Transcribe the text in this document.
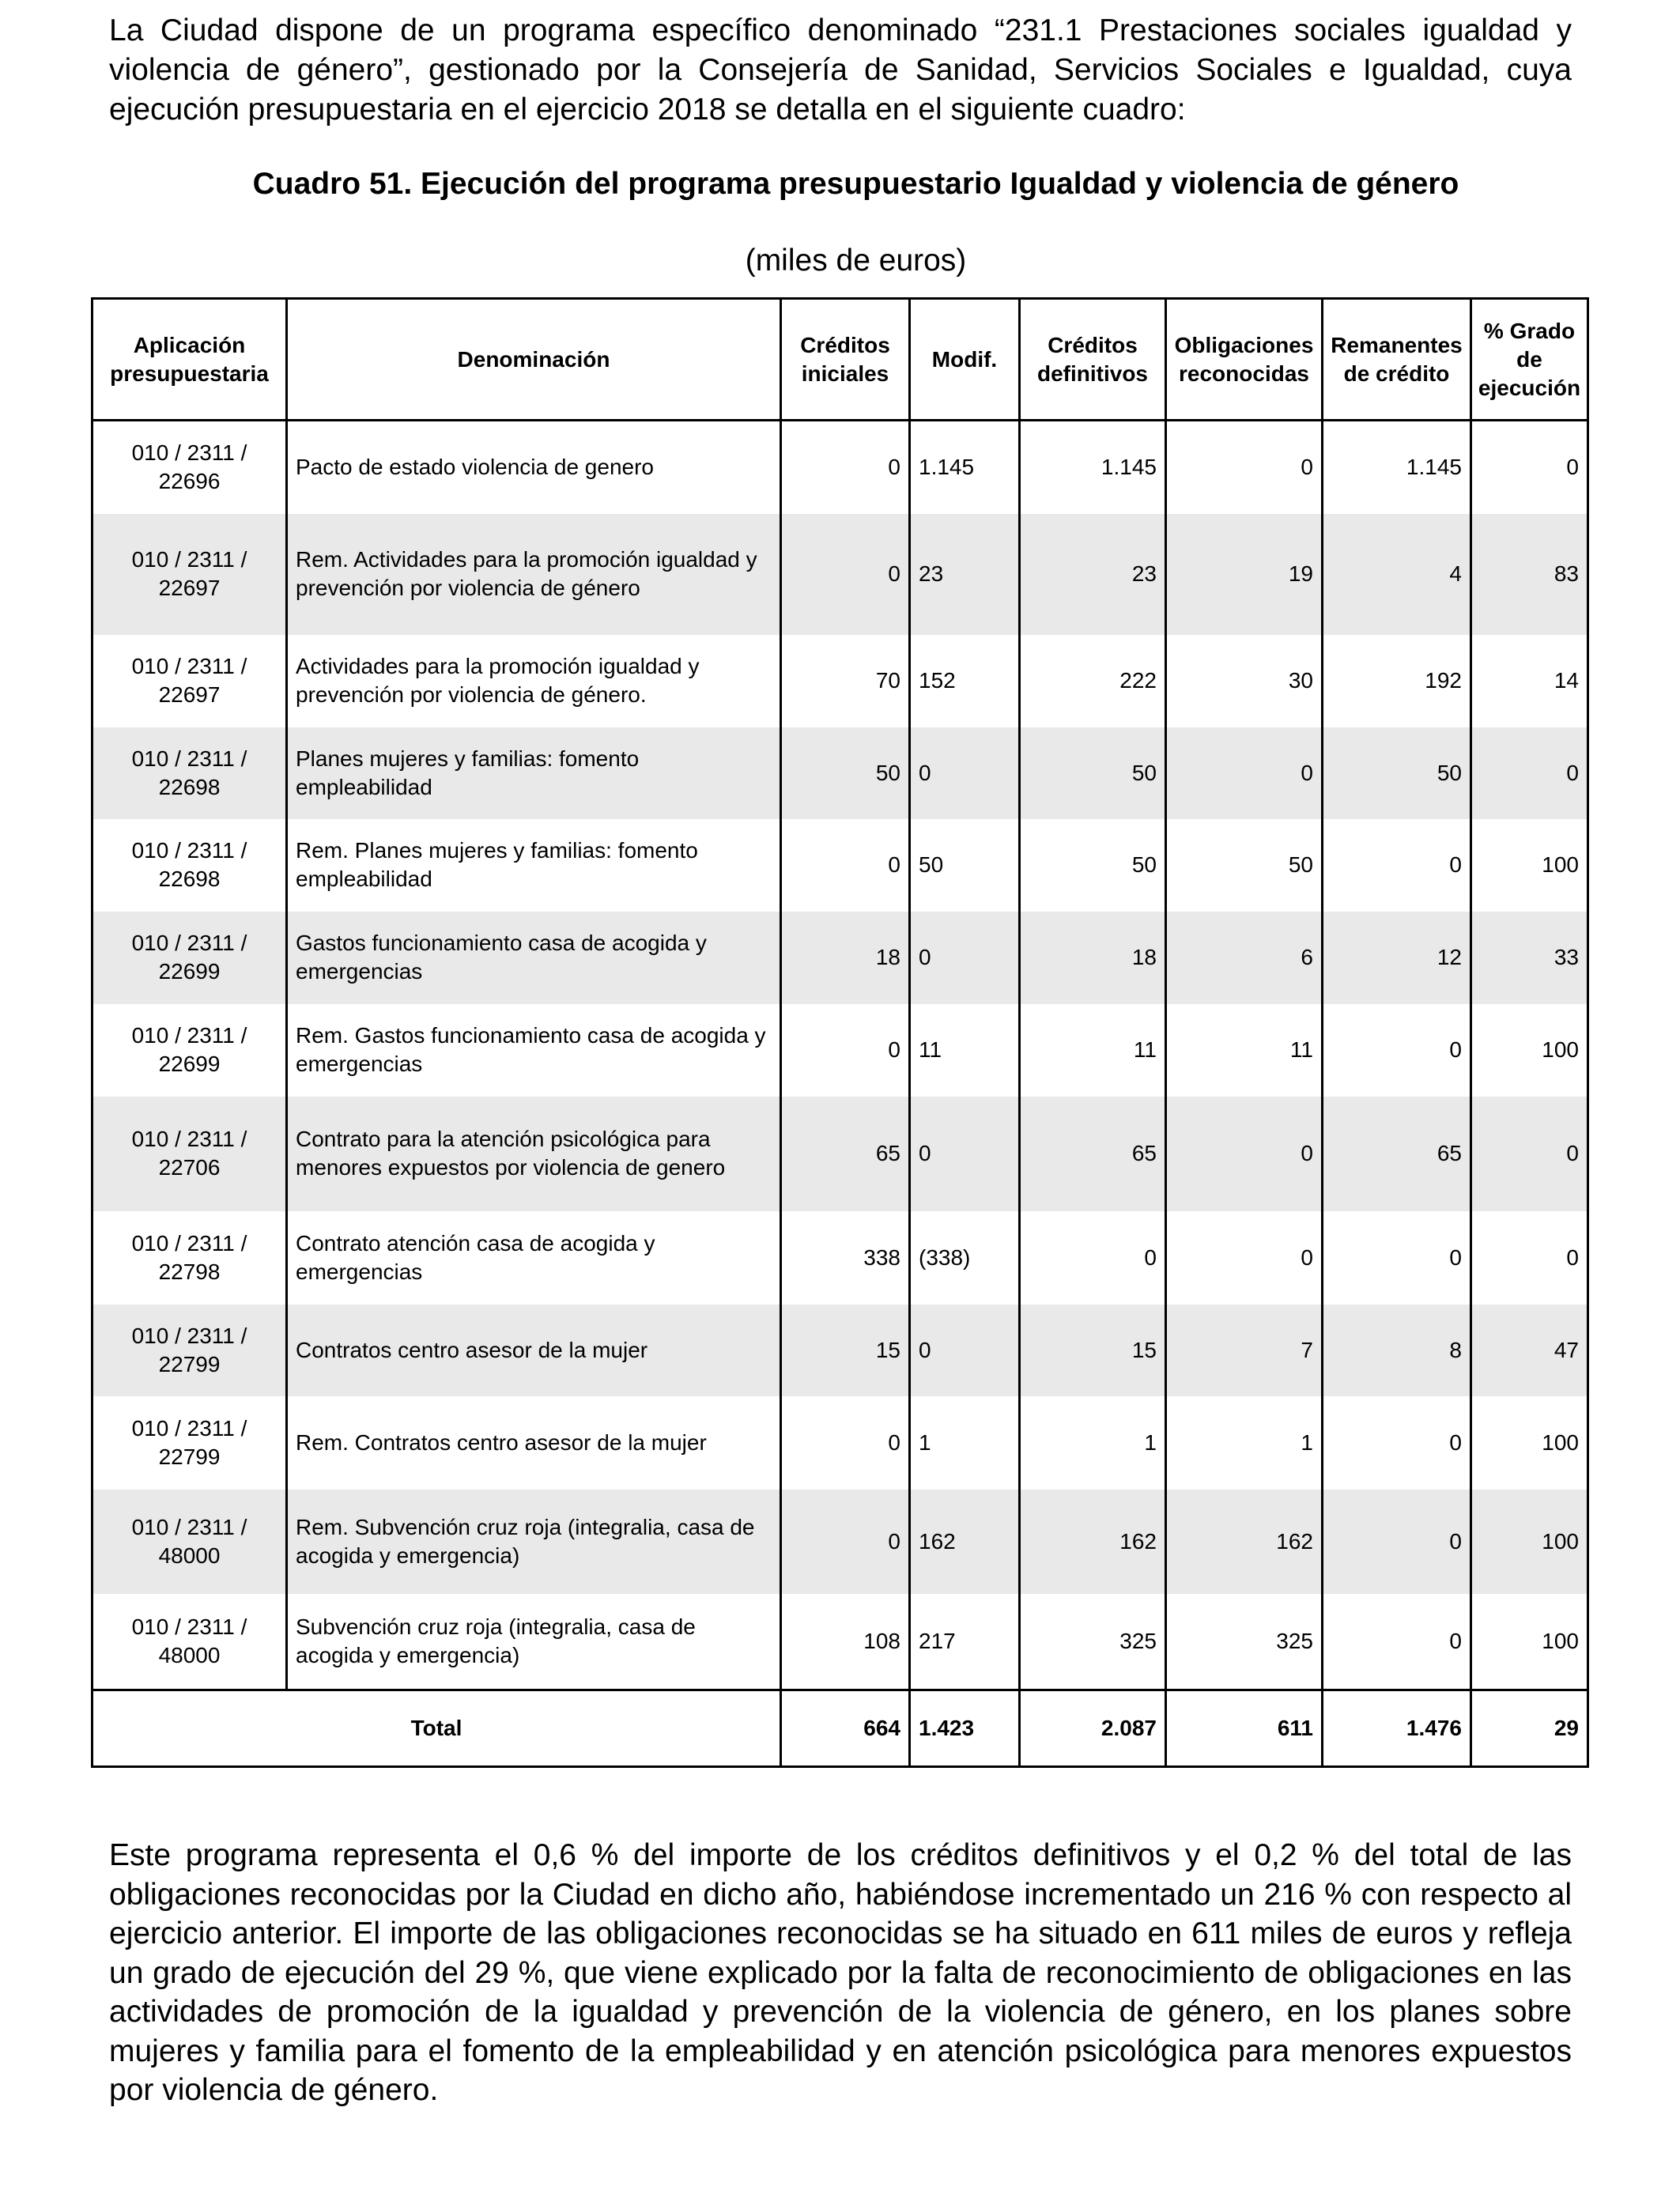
La Ciudad dispone de un programa específico denominado “231.1 Prestaciones sociales igualdad y violencia de género”, gestionado por la Consejería de Sanidad, Servicios Sociales e Igualdad, cuya ejecución presupuestaria en el ejercicio 2018 se detalla en el siguiente cuadro:

Cuadro 51. Ejecución del programa presupuestario Igualdad y violencia de género

(miles de euros)

Aplicación presupuestaria	Denominación	Créditos iniciales	Modif.	Créditos definitivos	Obligaciones reconocidas	Remanentes de crédito	% Grado de ejecución
010 / 2311 / 22696	Pacto de estado violencia de genero	0	1.145	1.145	0	1.145	0
010 / 2311 / 22697	Rem. Actividades para la promoción igualdad y prevención por violencia de género	0	23	23	19	4	83
010 / 2311 / 22697	Actividades para la promoción igualdad y prevención por violencia de género.	70	152	222	30	192	14
010 / 2311 / 22698	Planes mujeres y familias: fomento empleabilidad	50	0	50	0	50	0
010 / 2311 / 22698	Rem. Planes mujeres y familias: fomento empleabilidad	0	50	50	50	0	100
010 / 2311 / 22699	Gastos funcionamiento casa de acogida y emergencias	18	0	18	6	12	33
010 / 2311 / 22699	Rem. Gastos funcionamiento casa de acogida y emergencias	0	11	11	11	0	100
010 / 2311 / 22706	Contrato para la atención psicológica para menores expuestos por violencia de genero	65	0	65	0	65	0
010 / 2311 / 22798	Contrato atención casa de acogida y emergencias	338	(338)	0	0	0	0
010 / 2311 / 22799	Contratos centro asesor de la mujer	15	0	15	7	8	47
010 / 2311 / 22799	Rem. Contratos centro asesor de la mujer	0	1	1	1	0	100
010 / 2311 / 48000	Rem. Subvención cruz roja (integralia, casa de acogida y emergencia)	0	162	162	162	0	100
010 / 2311 / 48000	Subvención cruz roja (integralia, casa de acogida y emergencia)	108	217	325	325	0	100
Total		664	1.423	2.087	611	1.476	29

Este programa representa el 0,6 % del importe de los créditos definitivos y el 0,2 % del total de las obligaciones reconocidas por la Ciudad en dicho año, habiéndose incrementado un 216 % con respecto al ejercicio anterior. El importe de las obligaciones reconocidas se ha situado en 611 miles de euros y refleja un grado de ejecución del 29 %, que viene explicado por la falta de reconocimiento de obligaciones en las actividades de promoción de la igualdad y prevención de la violencia de género, en los planes sobre mujeres y familia para el fomento de la empleabilidad y en atención psicológica para menores expuestos por violencia de género.
